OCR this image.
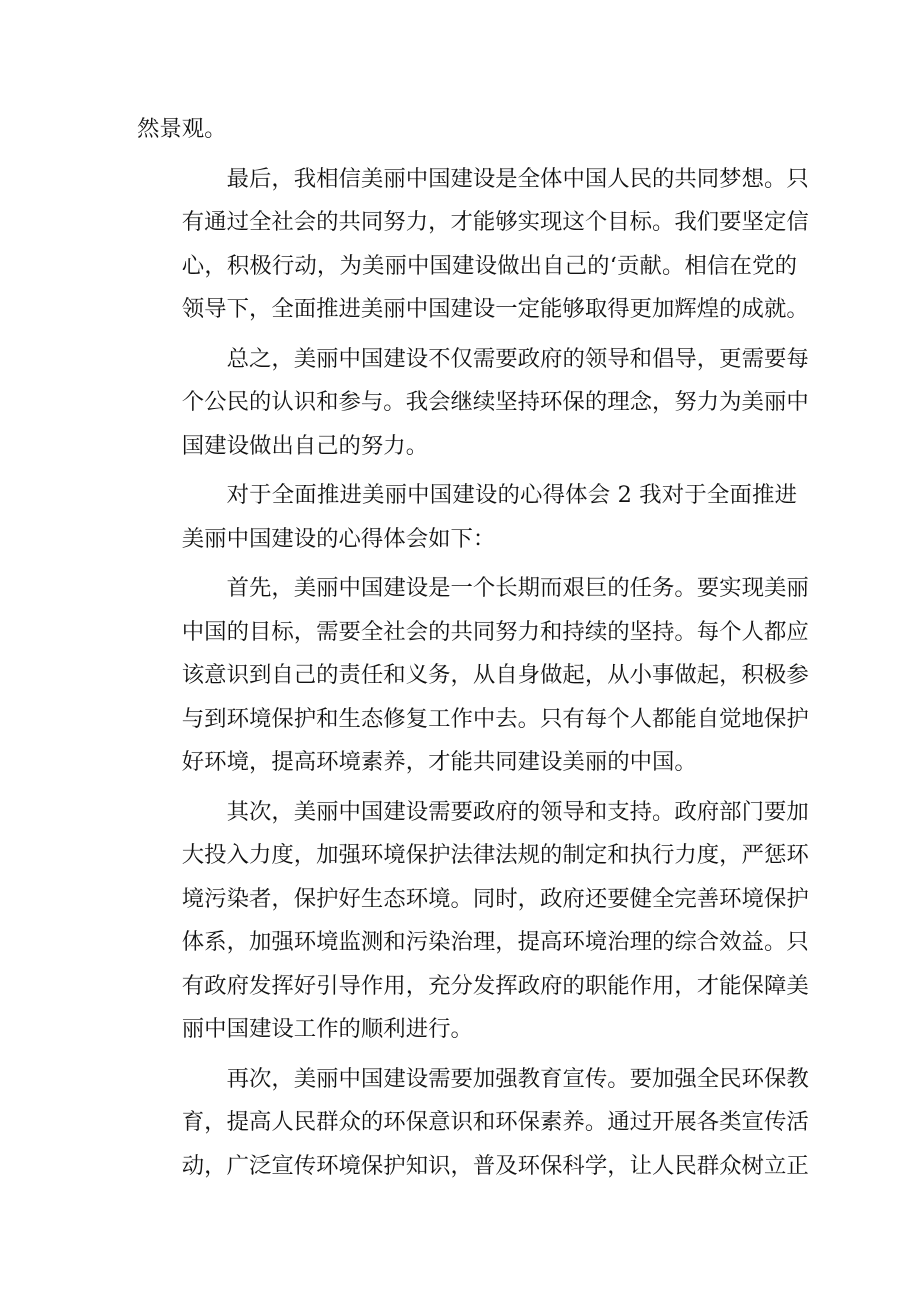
然景观。
最后，我相信美丽中国建设是全体中国人民的共同梦想。只
有通过全社会的共同努力，才能够实现这个目标。我们要坚定信
心，积极行动，为美丽中国建设做出自己的‘贡献。相信在党的
领导下，全面推进美丽中国建设一定能够取得更加辉煌的成就。
总之，美丽中国建设不仅需要政府的领导和倡导，更需要每
个公民的认识和参与。我会继续坚持环保的理念，努力为美丽中
国建设做出自己的努力。
对于全面推进美丽中国建设的心得体会 2 我对于全面推进
美丽中国建设的心得体会如下：
首先，美丽中国建设是一个长期而艰巨的任务。要实现美丽
中国的目标，需要全社会的共同努力和持续的坚持。每个人都应
该意识到自己的责任和义务，从自身做起，从小事做起，积极参
与到环境保护和生态修复工作中去。只有每个人都能自觉地保护
好环境，提高环境素养，才能共同建设美丽的中国。
其次，美丽中国建设需要政府的领导和支持。政府部门要加
大投入力度，加强环境保护法律法规的制定和执行力度，严惩环
境污染者，保护好生态环境。同时，政府还要健全完善环境保护
体系，加强环境监测和污染治理，提高环境治理的综合效益。只
有政府发挥好引导作用，充分发挥政府的职能作用，才能保障美
丽中国建设工作的顺利进行。
再次，美丽中国建设需要加强教育宣传。要加强全民环保教
育，提高人民群众的环保意识和环保素养。通过开展各类宣传活
动，广泛宣传环境保护知识，普及环保科学，让人民群众树立正
